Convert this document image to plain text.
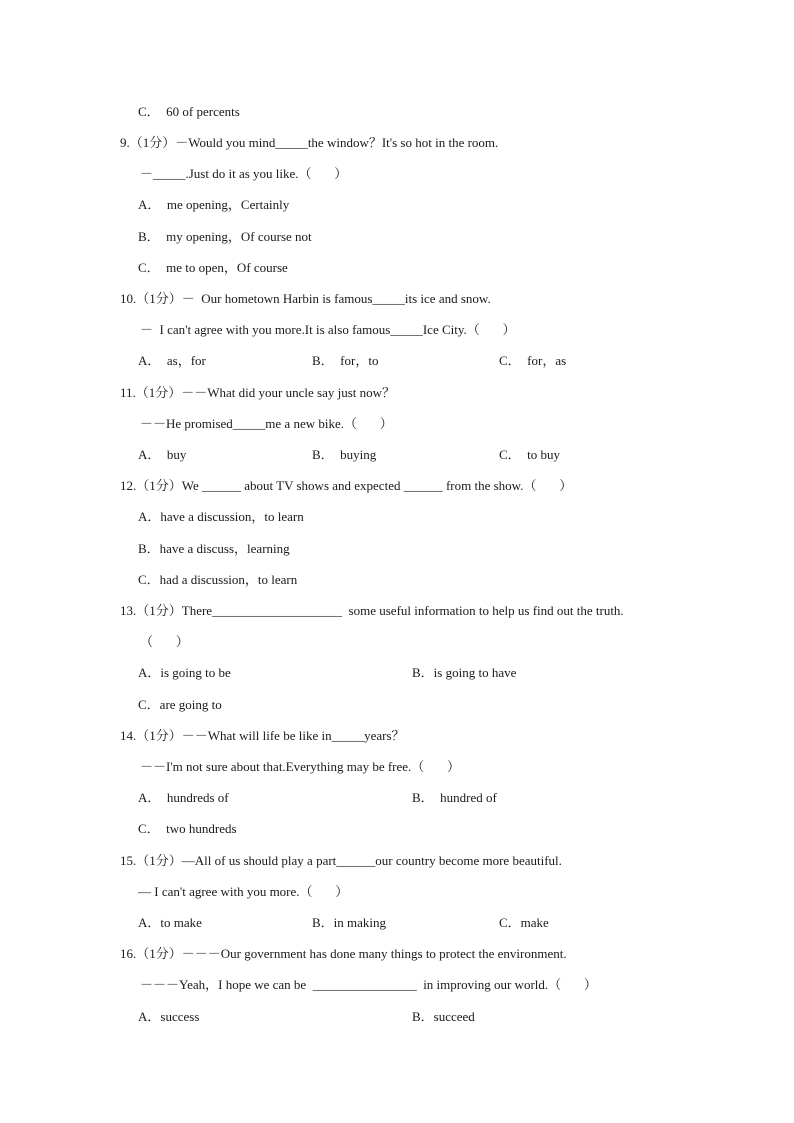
C．  60 of percents
9.（1分）－Would you mind_____the window？It's so hot in the room.
－_____.Just do it as you like.（       ）
A．  me opening，Certainly
B．  my opening，Of course not
C．  me to open，Of course
10.（1分）－  Our hometown Harbin is famous_____its ice and snow.
－  I can't agree with you more.It is also famous_____Ice City.（       ）
A．  as，for	B．  for，to	C．  for，as
11.（1分）－－What did your uncle say just now？
－－He promised_____me a new bike.（       ）
A．  buy	B．  buying	C．  to buy
12.（1分）We ______ about TV shows and expected ______ from the show.（       ）
A．have a discussion，to learn
B．have a discuss，learning
C．had a discussion，to learn
13.（1分）There____________________  some useful information to help us find out the truth.
（       ）
A．is going to be	B．is going to have
C．are going to
14.（1分）－－What will life be like in_____years？
－－I'm not sure about that.Everything may be free.（       ）
A．  hundreds of	B．  hundred of
C．  two hundreds
15.（1分）—All of us should play a part______our country become more beautiful.
— I can't agree with you more.（       ）
A．to make	B．in making	C．make
16.（1分）－－－Our government has done many things to protect the environment.
－－－Yeah，I hope we can be  ________________  in improving our world.（       ）
A．success	B．succeed
